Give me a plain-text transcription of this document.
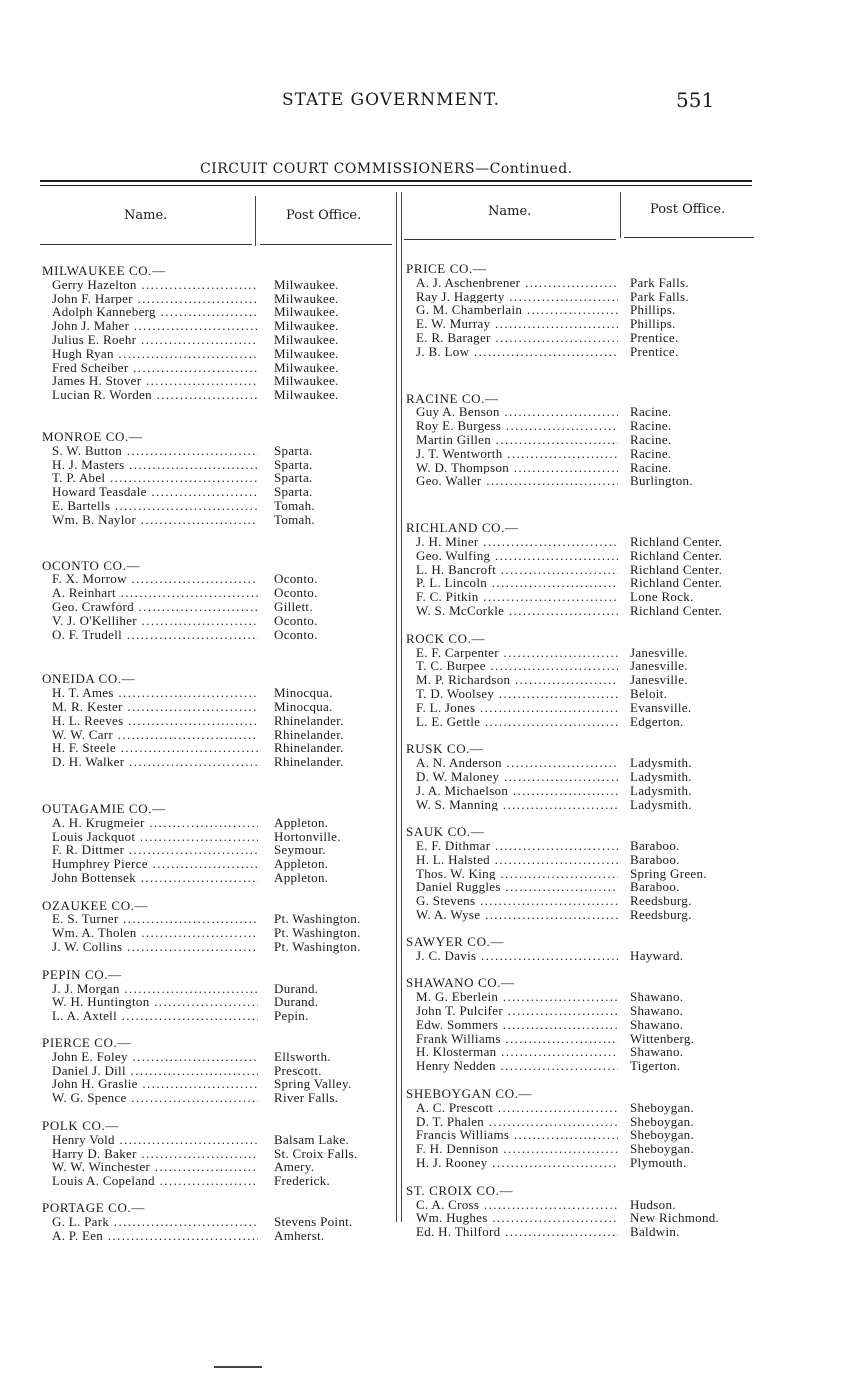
STATE GOVERNMENT.	551
CIRCUIT COURT COMMISSIONERS—Continued.
Name.	Post Office.	Name.	Post Office.
MILWAUKEE CO.—
Gerry Hazelton .....	Milwaukee.
John F. Harper .....	Milwaukee.
Adolph Kanneberg .....	Milwaukee.
John J. Maher .....	Milwaukee.
Julius E. Roehr .....	Milwaukee.
Hugh Ryan .....	Milwaukee.
Fred Scheiber .....	Milwaukee.
James H. Stover .....	Milwaukee.
Lucian R. Worden .....	Milwaukee.
MONROE CO.—
S. W. Button .....	Sparta.
H. J. Masters .....	Sparta.
T. P. Abel .....	Sparta.
Howard Teasdale .....	Sparta.
E. Bartells .....	Tomah.
Wm. B. Naylor .....	Tomah.
OCONTO CO.—
F. X. Morrow .....	Oconto.
A. Reinhart .....	Oconto.
Geo. Crawford .....	Gillett.
V. J. O'Kelliher .....	Oconto.
O. F. Trudell .....	Oconto.
ONEIDA CO.—
H. T. Ames .....	Minocqua.
M. R. Kester .....	Minocqua.
H. L. Reeves .....	Rhinelander.
W. W. Carr .....	Rhinelander.
H. F. Steele .....	Rhinelander.
D. H. Walker .....	Rhinelander.
OUTAGAMIE CO.—
A. H. Krugmeier .....	Appleton.
Louis Jackquot .....	Hortonville.
F. R. Dittmer .....	Seymour.
Humphrey Pierce .....	Appleton.
John Bottensek .....	Appleton.
OZAUKEE CO.—
E. S. Turner .....	Pt. Washington.
Wm. A. Tholen .....	Pt. Washington.
J. W. Collins .....	Pt. Washington.
PEPIN CO.—
J. J. Morgan .....	Durand.
W. H. Huntington .....	Durand.
L. A. Axtell .....	Pepin.
PIERCE CO.—
John E. Foley .....	Ellsworth.
Daniel J. Dill .....	Prescott.
John H. Graslie .....	Spring Valley.
W. G. Spence .....	River Falls.
POLK CO.—
Henry Vold .....	Balsam Lake.
Harry D. Baker .....	St. Croix Falls.
W. W. Winchester .....	Amery.
Louis A. Copeland .....	Frederick.
PORTAGE CO.—
G. L. Park .....	Stevens Point.
A. P. Een .....	Amherst.
PRICE CO.—
A. J. Aschenbrener .....	Park Falls.
Ray J. Haggerty .....	Park Falls.
G. M. Chamberlain .....	Phillips.
E. W. Murray .....	Phillips.
E. R. Barager .....	Prentice.
J. B. Low .....	Prentice.
RACINE CO.—
Guy A. Benson .....	Racine.
Roy E. Burgess .....	Racine.
Martin Gillen .....	Racine.
J. T. Wentworth .....	Racine.
W. D. Thompson .....	Racine.
Geo. Waller .....	Burlington.
RICHLAND CO.—
J. H. Miner .....	Richland Center.
Geo. Wulfing .....	Richland Center.
L. H. Bancroft .....	Richland Center.
P. L. Lincoln .....	Richland Center.
F. C. Pitkin .....	Lone Rock.
W. S. McCorkle .....	Richland Center.
ROCK CO.—
E. F. Carpenter .....	Janesville.
T. C. Burpee .....	Janesville.
M. P. Richardson .....	Janesville.
T. D. Woolsey .....	Beloit.
F. L. Jones .....	Evansville.
L. E. Gettle .....	Edgerton.
RUSK CO.—
A. N. Anderson .....	Ladysmith.
D. W. Maloney .....	Ladysmith.
J. A. Michaelson .....	Ladysmith.
W. S. Manning .....	Ladysmith.
SAUK CO.—
E. F. Dithmar .....	Baraboo.
H. L. Halsted .....	Baraboo.
Thos. W. King .....	Spring Green.
Daniel Ruggles .....	Baraboo.
G. Stevens .....	Reedsburg.
W. A. Wyse .....	Reedsburg.
SAWYER CO.—
J. C. Davis .....	Hayward.
SHAWANO CO.—
M. G. Eberlein .....	Shawano.
John T. Pulcifer .....	Shawano.
Edw. Sommers .....	Shawano.
Frank Williams .....	Wittenberg.
H. Klosterman .....	Shawano.
Henry Nedden .....	Tigerton.
SHEBOYGAN CO.—
A. C. Prescott .....	Sheboygan.
D. T. Phalen .....	Sheboygan.
Francis Williams .....	Sheboygan.
F. H. Dennison .....	Sheboygan.
H. J. Rooney .....	Plymouth.
ST. CROIX CO.—
C. A. Cross .....	Hudson.
Wm. Hughes .....	New Richmond.
Ed. H. Thilford .....	Baldwin.
